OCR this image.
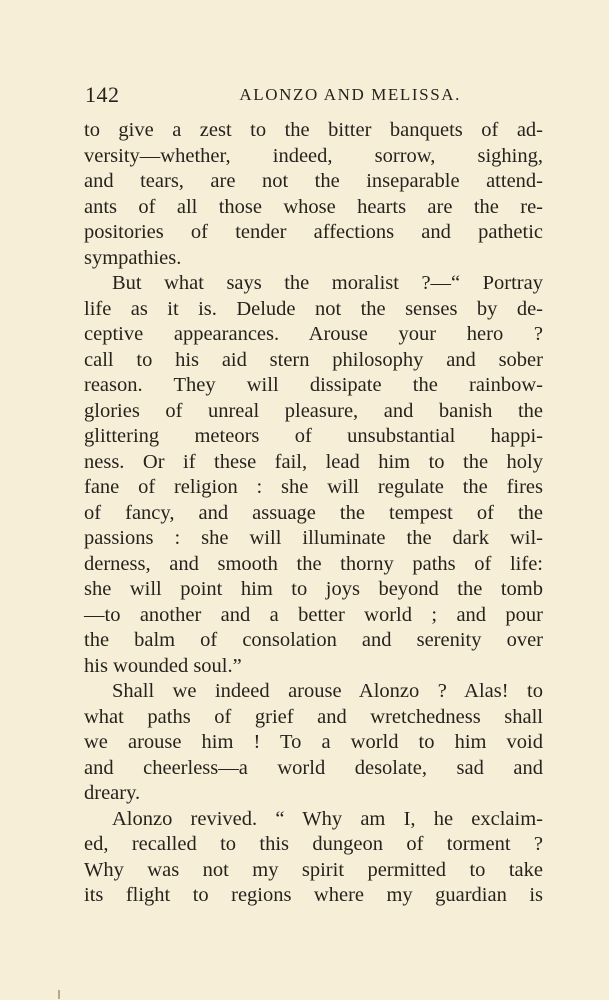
142	ALONZO AND MELISSA.
to give a zest to the bitter banquets of ad-
versity—whether, indeed, sorrow, sighing,
and tears, are not the inseparable attend-
ants of all those whose hearts are the re-
positories of tender affections and pathetic
sympathies.
But what says the moralist ?—“ Portray
life as it is. Delude not the senses by de-
ceptive appearances. Arouse your hero ?
call to his aid stern philosophy and sober
reason. They will dissipate the rainbow-
glories of unreal pleasure, and banish the
glittering meteors of unsubstantial happi-
ness. Or if these fail, lead him to the holy
fane of religion : she will regulate the fires
of fancy, and assuage the tempest of the
passions : she will illuminate the dark wil-
derness, and smooth the thorny paths of life:
she will point him to joys beyond the tomb
—to another and a better world ; and pour
the balm of consolation and serenity over
his wounded soul.”
Shall we indeed arouse Alonzo ? Alas! to
what paths of grief and wretchedness shall
we arouse him ! To a world to him void
and cheerless—a world desolate, sad and
dreary.
Alonzo revived. “ Why am I, he exclaim-
ed, recalled to this dungeon of torment ?
Why was not my spirit permitted to take
its flight to regions where my guardian is
